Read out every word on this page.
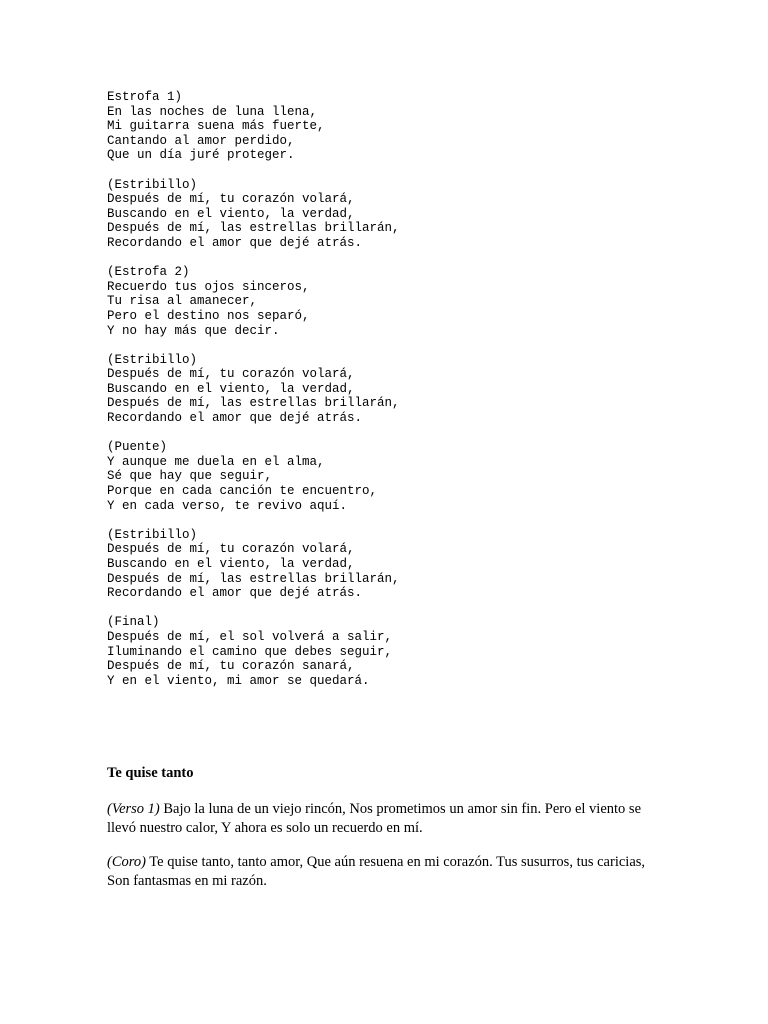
Estrofa 1)
En las noches de luna llena,
Mi guitarra suena más fuerte,
Cantando al amor perdido,
Que un día juré proteger.
(Estribillo)
Después de mí, tu corazón volará,
Buscando en el viento, la verdad,
Después de mí, las estrellas brillarán,
Recordando el amor que dejé atrás.
(Estrofa 2)
Recuerdo tus ojos sinceros,
Tu risa al amanecer,
Pero el destino nos separó,
Y no hay más que decir.
(Estribillo)
Después de mí, tu corazón volará,
Buscando en el viento, la verdad,
Después de mí, las estrellas brillarán,
Recordando el amor que dejé atrás.
(Puente)
Y aunque me duela en el alma,
Sé que hay que seguir,
Porque en cada canción te encuentro,
Y en cada verso, te revivo aquí.
(Estribillo)
Después de mí, tu corazón volará,
Buscando en el viento, la verdad,
Después de mí, las estrellas brillarán,
Recordando el amor que dejé atrás.
(Final)
Después de mí, el sol volverá a salir,
Iluminando el camino que debes seguir,
Después de mí, tu corazón sanará,
Y en el viento, mi amor se quedará.
Te quise tanto

(Verso 1) Bajo la luna de un viejo rincón, Nos prometimos un amor sin fin. Pero el viento se llevó nuestro calor, Y ahora es solo un recuerdo en mí.

(Coro) Te quise tanto, tanto amor, Que aún resuena en mi corazón. Tus susurros, tus caricias, Son fantasmas en mi razón.
